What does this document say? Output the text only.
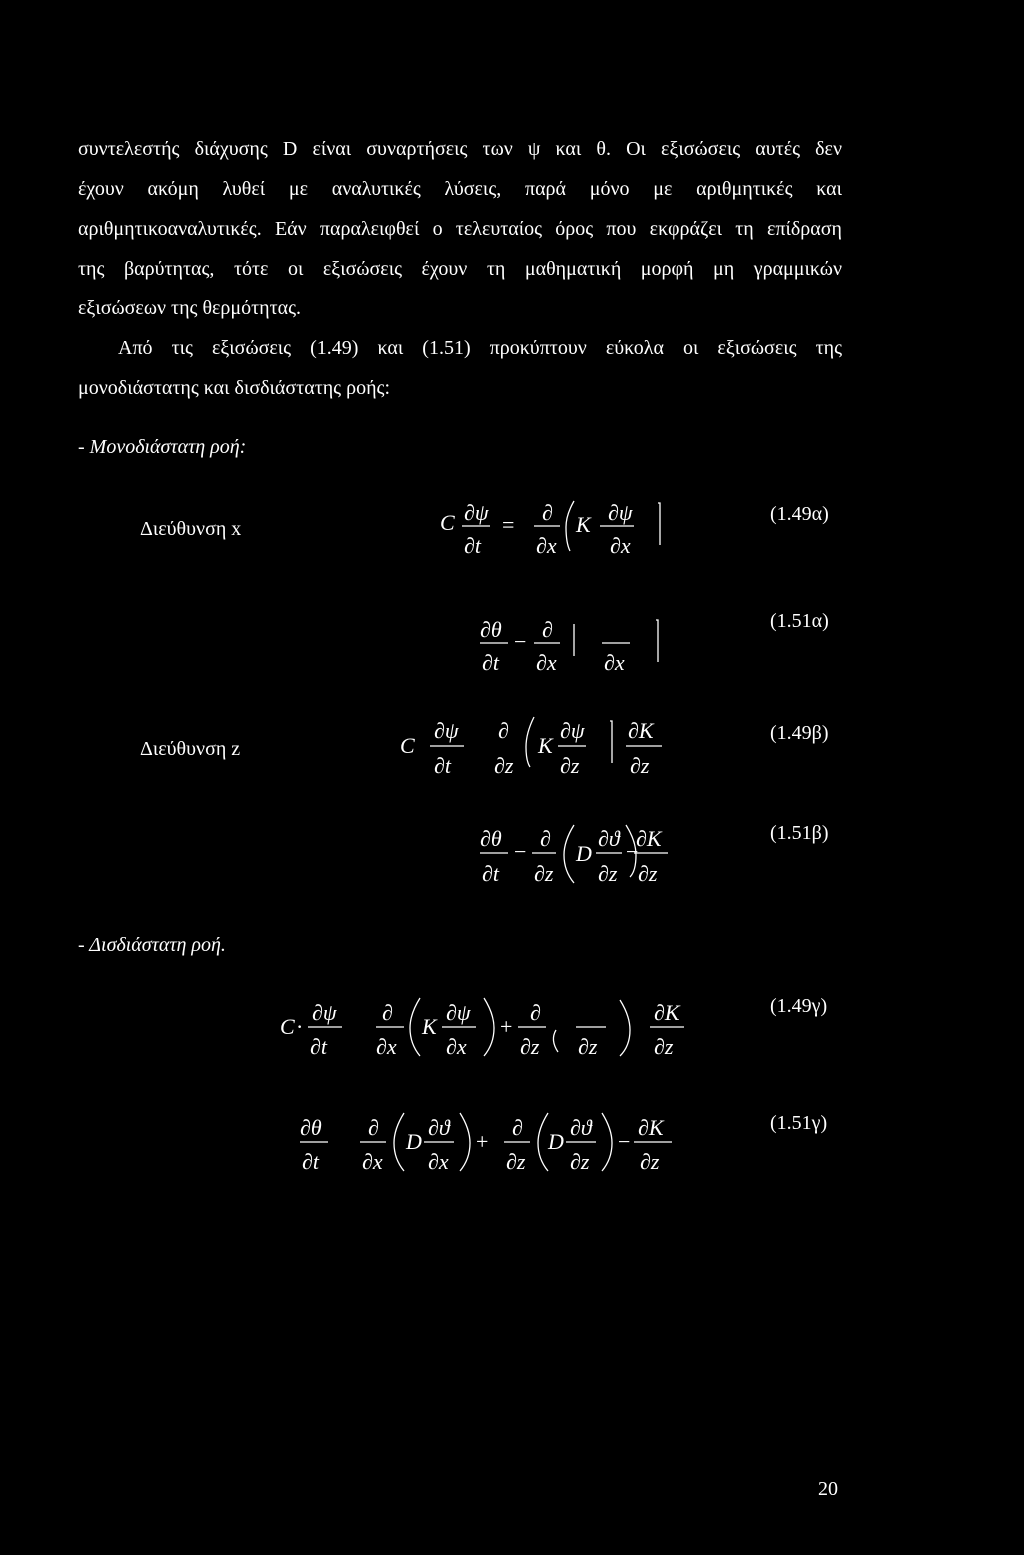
συντελεστής διάχυσης D είναι συναρτήσεις των ψ και θ. Οι εξισώσεις αυτές δεν
έχουν ακόμη λυθεί με αναλυτικές λύσεις, παρά μόνο με αριθμητικές και
αριθμητικοαναλυτικές. Εάν παραλειφθεί ο τελευταίος όρος που εκφράζει τη επίδραση
της βαρύτητας, τότε οι εξισώσεις έχουν τη μαθηματική μορφή μη γραμμικών
εξισώσεων της θερμότητας.
Από τις εξισώσεις (1.49) και (1.51) προκύπτουν εύκολα οι εξισώσεις της
μονοδιάστατης και δισδιάστατης ροής:
- Μονοδιάστατη ροή:
Διεύθυνση x	C ∂ψ
∂t
= ∂
∂x
K ∂ψ
∂x
(1.49α)
∂θ
∂t
− ∂
∂x ∂x
(1.51α)
Διεύθυνση z	C
∂ψ
∂t
∂
∂z
K
∂ψ
∂z
∂K
∂z
(1.49β)
∂θ
∂t
−
∂
∂z
D
∂ϑ
∂z
−
∂K
∂z
(1.51β)
- Δισδιάστατη ροή.
C ·
∂ψ
∂t
∂
∂x
K
∂ψ
∂x
+
∂
∂z ∂z
∂K
∂z
(1.49γ)
∂θ
∂t
∂
∂x
D
∂ϑ
∂x
+
∂
∂z
D
∂ϑ
∂z
−
∂K
∂z
(1.51γ)
20
